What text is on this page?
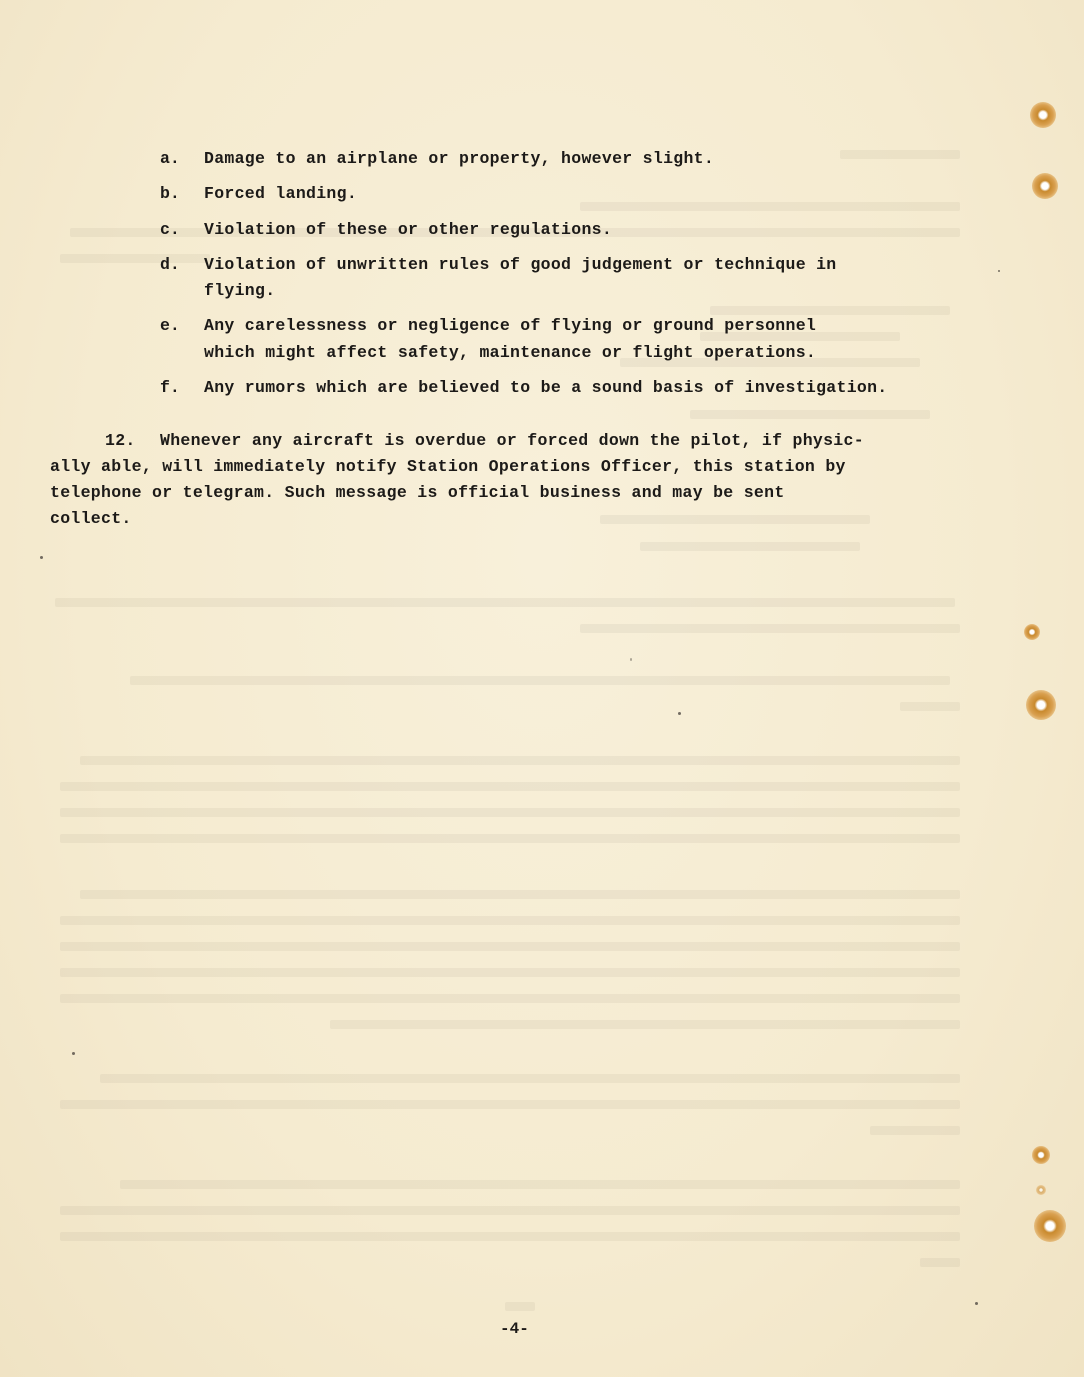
a. Damage to an airplane or property, however slight.
b. Forced landing.
c. Violation of these or other regulations.
d. Violation of unwritten rules of good judgement or technique in
flying.
e. Any carelessness or negligence of flying or ground personnel
which might affect safety, maintenance or flight operations.
f. Any rumors which are believed to be a sound basis of investigation.
12. Whenever any aircraft is overdue or forced down the pilot, if physic-
ally able, will immediately notify Station Operations Officer, this station by
telephone or telegram. Such message is official business and may be sent
collect.
-4-
